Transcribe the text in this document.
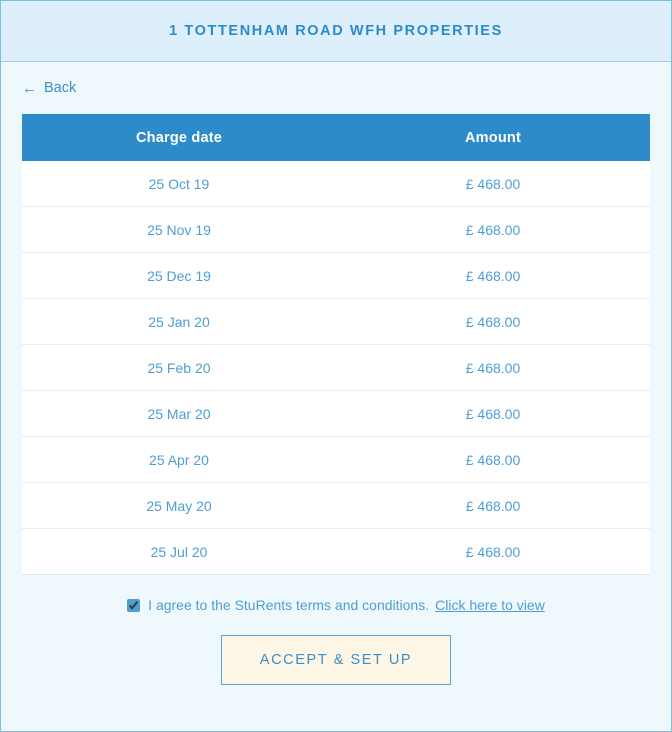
1 TOTTENHAM ROAD WFH PROPERTIES
← Back
Charge date	Amount
25 Oct 19	£ 468.00
25 Nov 19	£ 468.00
25 Dec 19	£ 468.00
25 Jan 20	£ 468.00
25 Feb 20	£ 468.00
25 Mar 20	£ 468.00
25 Apr 20	£ 468.00
25 May 20	£ 468.00
25 Jul 20	£ 468.00
I agree to the StuRents terms and conditions. Click here to view
ACCEPT & SET UP
